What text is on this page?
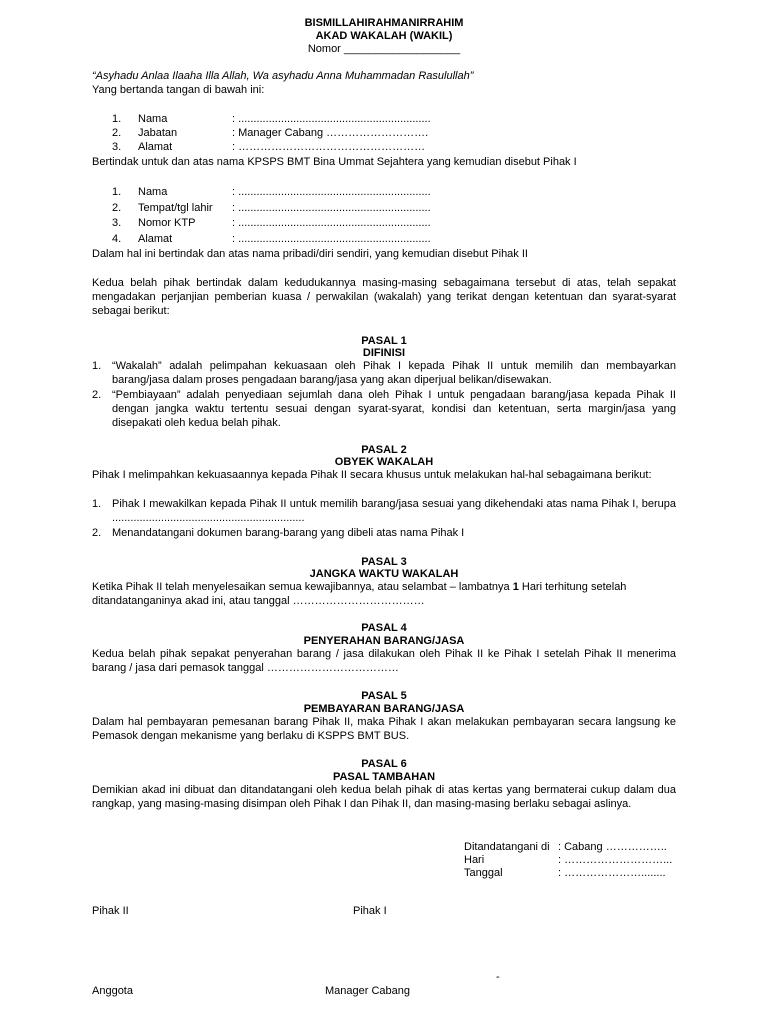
BISMILLAHIRAHMANIRRAHIM
AKAD WAKALAH (WAKIL)
Nomor ___________________
“Asyhadu Anlaa Ilaaha Illa Allah, Wa asyhadu Anna Muhammadan Rasulullah”
Yang bertanda tangan di bawah ini:
1. Nama	: ...............................................................
2. Jabatan	: Manager Cabang ……………………….
3. Alamat	: ……………………………………………
Bertindak untuk dan atas nama KPSPS BMT Bina Ummat Sejahtera yang kemudian disebut Pihak I
1. Nama	: ...............................................................
2. Tempat/tgl lahir : ...............................................................
3. Nomor KTP	: ...............................................................
4. Alamat	: ...............................................................
Dalam hal ini bertindak dan atas nama pribadi/diri sendiri, yang kemudian disebut Pihak II
Kedua belah pihak bertindak dalam kedudukannya masing-masing sebagaimana tersebut di atas, telah sepakat mengadakan perjanjian pemberian kuasa / perwakilan (wakalah) yang terikat dengan ketentuan dan syarat-syarat sebagai berikut:
PASAL 1
DIFINISI
1. “Wakalah” adalah pelimpahan kekuasaan oleh Pihak I kepada Pihak II untuk memilih dan membayarkan barang/jasa dalam proses pengadaan barang/jasa yang akan diperjual belikan/disewakan.
2. “Pembiayaan” adalah penyediaan sejumlah dana oleh Pihak I untuk pengadaan barang/jasa kepada Pihak II dengan jangka waktu tertentu sesuai dengan syarat-syarat, kondisi dan ketentuan, serta margin/jasa yang disepakati oleh kedua belah pihak.
PASAL 2
OBYEK WAKALAH
Pihak I melimpahkan kekuasaannya kepada Pihak II secara khusus untuk melakukan hal-hal sebagaimana berikut:
1. Pihak I mewakilkan kepada Pihak II untuk memilih barang/jasa sesuai yang dikehendaki atas nama Pihak I, berupa ...............................................................
2. Menandatangani dokumen barang-barang yang dibeli atas nama Pihak I
PASAL 3
JANGKA WAKTU WAKALAH
Ketika Pihak II telah menyelesaikan semua kewajibannya, atau selambat – lambatnya 1 Hari terhitung setelah ditandatanganinya akad ini, atau tanggal ………………………………
PASAL 4
PENYERAHAN BARANG/JASA
Kedua belah pihak sepakat penyerahan barang / jasa dilakukan oleh Pihak II ke Pihak I setelah Pihak II menerima barang / jasa dari pemasok tanggal ………………………………
PASAL 5
PEMBAYARAN BARANG/JASA
Dalam hal pembayaran pemesanan barang Pihak II, maka Pihak I akan melakukan pembayaran secara langsung ke Pemasok dengan mekanisme yang berlaku di KSPPS BMT BUS.
PASAL 6
PASAL TAMBAHAN
Demikian akad ini dibuat dan ditandatangani oleh kedua belah pihak di atas kertas yang bermaterai cukup dalam dua rangkap, yang masing-masing disimpan oleh Pihak I dan Pihak II, dan masing-masing berlaku sebagai aslinya.
Ditandatangani di : Cabang ……………..
Hari	: ………………………...
Tanggal	: …………………........
Pihak II	Pihak I
-
Anggota	Manager Cabang
